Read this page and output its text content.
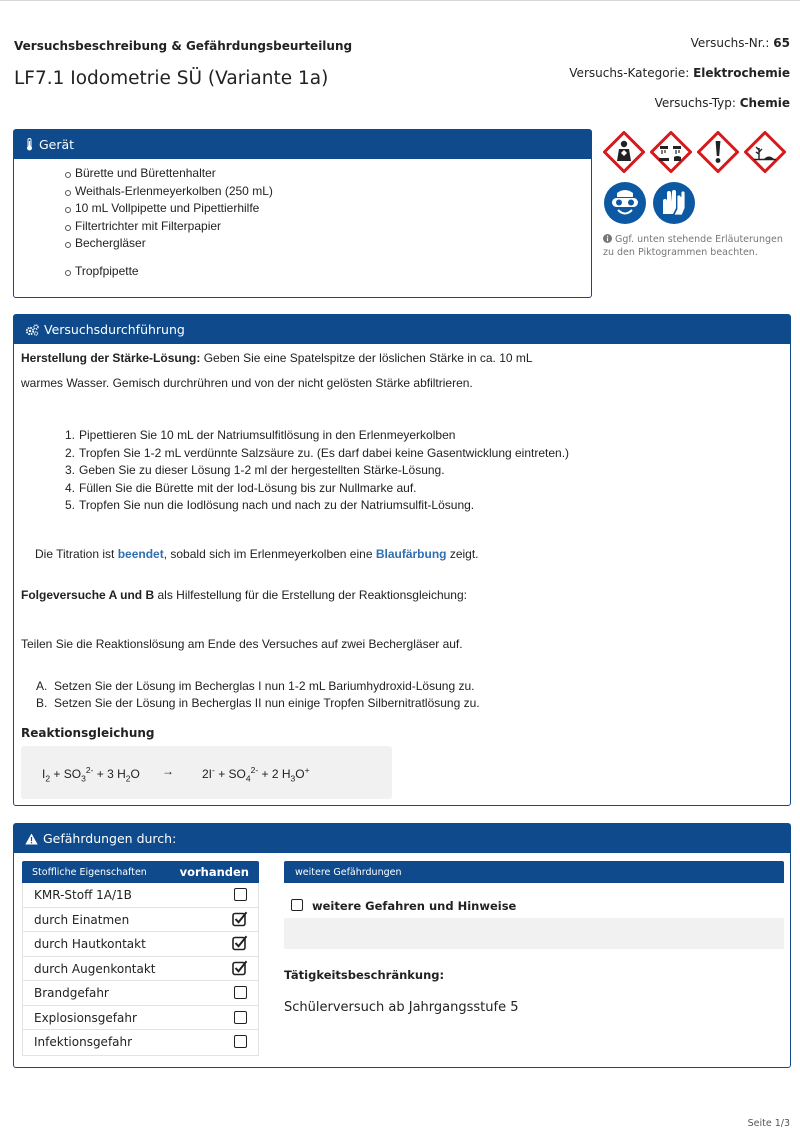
Versuchsbeschreibung & Gefährdungsbeurteilung
LF7.1 Iodometrie SÜ (Variante 1a)
Versuchs-Nr.: 65
Versuchs-Kategorie: Elektrochemie
Versuchs-Typ: Chemie
Gerät
Bürette und Bürettenhalter
Weithals-Erlenmeyerkolben (250 mL)
10 mL Vollpipette und Pipettierhilfe
Filtertrichter mit Filterpapier
Bechergläser
Tropfpipette
Ggf. unten stehende Erläuterungen zu den Piktogrammen beachten.
Versuchsdurchführung
Herstellung der Stärke-Lösung: Geben Sie eine Spatelspitze der löslichen Stärke in ca. 10 mL
warmes Wasser. Gemisch durchrühren und von der nicht gelösten Stärke abfiltrieren.
1. Pipettieren Sie 10 mL der Natriumsulfitlösung in den Erlenmeyerkolben
2. Tropfen Sie 1-2 mL verdünnte Salzsäure zu. (Es darf dabei keine Gasentwicklung eintreten.)
3. Geben Sie zu dieser Lösung 1-2 ml der hergestellten Stärke-Lösung.
4. Füllen Sie die Bürette mit der Iod-Lösung bis zur Nullmarke auf.
5. Tropfen Sie nun die Iodlösung nach und nach zu der Natriumsulfit-Lösung.
Die Titration ist beendet, sobald sich im Erlenmeyerkolben eine Blaufärbung zeigt.
Folgeversuche A und B als Hilfestellung für die Erstellung der Reaktionsgleichung:
Teilen Sie die Reaktionslösung am Ende des Versuches auf zwei Bechergläser auf.
A. Setzen Sie der Lösung im Becherglas I nun 1-2 mL Bariumhydroxid-Lösung zu.
B. Setzen Sie der Lösung in Becherglas II nun einige Tropfen Silbernitratlösung zu.
Reaktionsgleichung
$I_2 + SO_3^{2-} + 3$ $H_2O \to 2I^- + SO_4^{2-} + 2$ $H_3O^+$
Gefährdungen durch:
Stoffliche Eigenschaften	vorhanden	weitere Gefährdungen
KMR-Stoff 1A/1B
durch Einatmen
durch Hautkontakt
durch Augenkontakt
Brandgefahr
Explosionsgefahr
Infektionsgefahr
weitere Gefahren und Hinweise
Tätigkeitsbeschränkung:
Schülerversuch ab Jahrgangsstufe 5
Seite 1/3
